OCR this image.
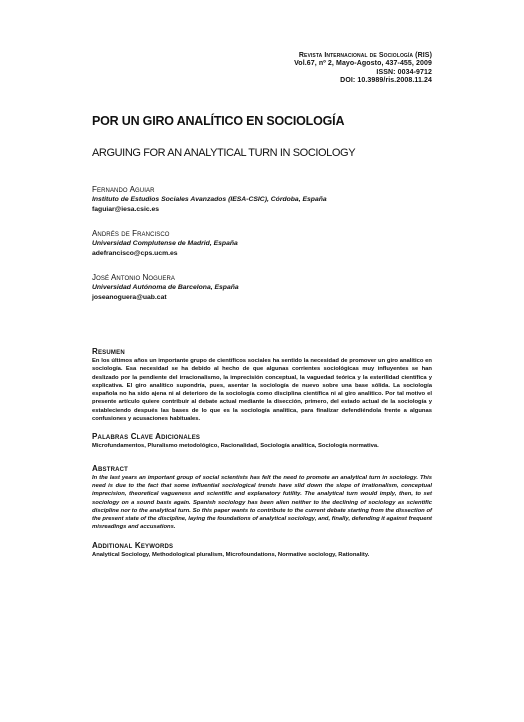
Revista Internacional de Sociología (RIS)
Vol.67, nº 2, Mayo-Agosto, 437-455, 2009
ISSN: 0034-9712
DOI: 10.3989/ris.2008.11.24
POR UN GIRO ANALÍTICO EN SOCIOLOGÍA
ARGUING FOR AN ANALYTICAL TURN IN SOCIOLOGY
Fernando Aguiar
Instituto de Estudios Sociales Avanzados (IESA-CSIC), Córdoba, España
faguiar@iesa.csic.es
Andrés de Francisco
Universidad Complutense de Madrid, España
adefrancisco@cps.ucm.es
José Antonio Noguera
Universidad Autónoma de Barcelona, España
joseanoguera@uab.cat
Resumen
En los últimos años un importante grupo de científicos sociales ha sentido la necesidad de promover un giro analítico en sociología. Esa necesidad se ha debido al hecho de que algunas corrientes sociológicas muy influyentes se han deslizado por la pendiente del irracionalismo, la imprecisión conceptual, la vaguedad teórica y la esterilidad científica y explicativa. El giro analítico supondría, pues, asentar la sociología de nuevo sobre una base sólida. La sociología española no ha sido ajena ni al deterioro de la sociología como disciplina científica ni al giro analítico. Por tal motivo el presente artículo quiere contribuir al debate actual mediante la disección, primero, del estado actual de la sociología y estableciendo después las bases de lo que es la sociología analítica, para finalizar defendiéndola frente a algunas confusiones y acusaciones habituales.
Palabras Clave Adicionales
Microfundamentos, Pluralismo metodológico, Racionalidad, Sociología analítica, Sociología normativa.
Abstract
In the last years an important group of social scientists has felt the need to promote an analytical turn in sociology. This need is due to the fact that some influential sociological trends have slid down the slope of irrationalism, conceptual imprecision, theoretical vagueness and scientific and explanatory futility. The analytical turn would imply, then, to set sociology on a sound basis again. Spanish sociology has been alien neither to the declining of sociology as scientific discipline nor to the analytical turn. So this paper wants to contribute to the current debate starting from the dissection of the present state of the discipline, laying the foundations of analytical sociology, and, finally, defending it against frequent misreadings and accusations.
Additional Keywords
Analytical Sociology, Methodological pluralism, Microfoundations, Normative sociology, Rationality.
